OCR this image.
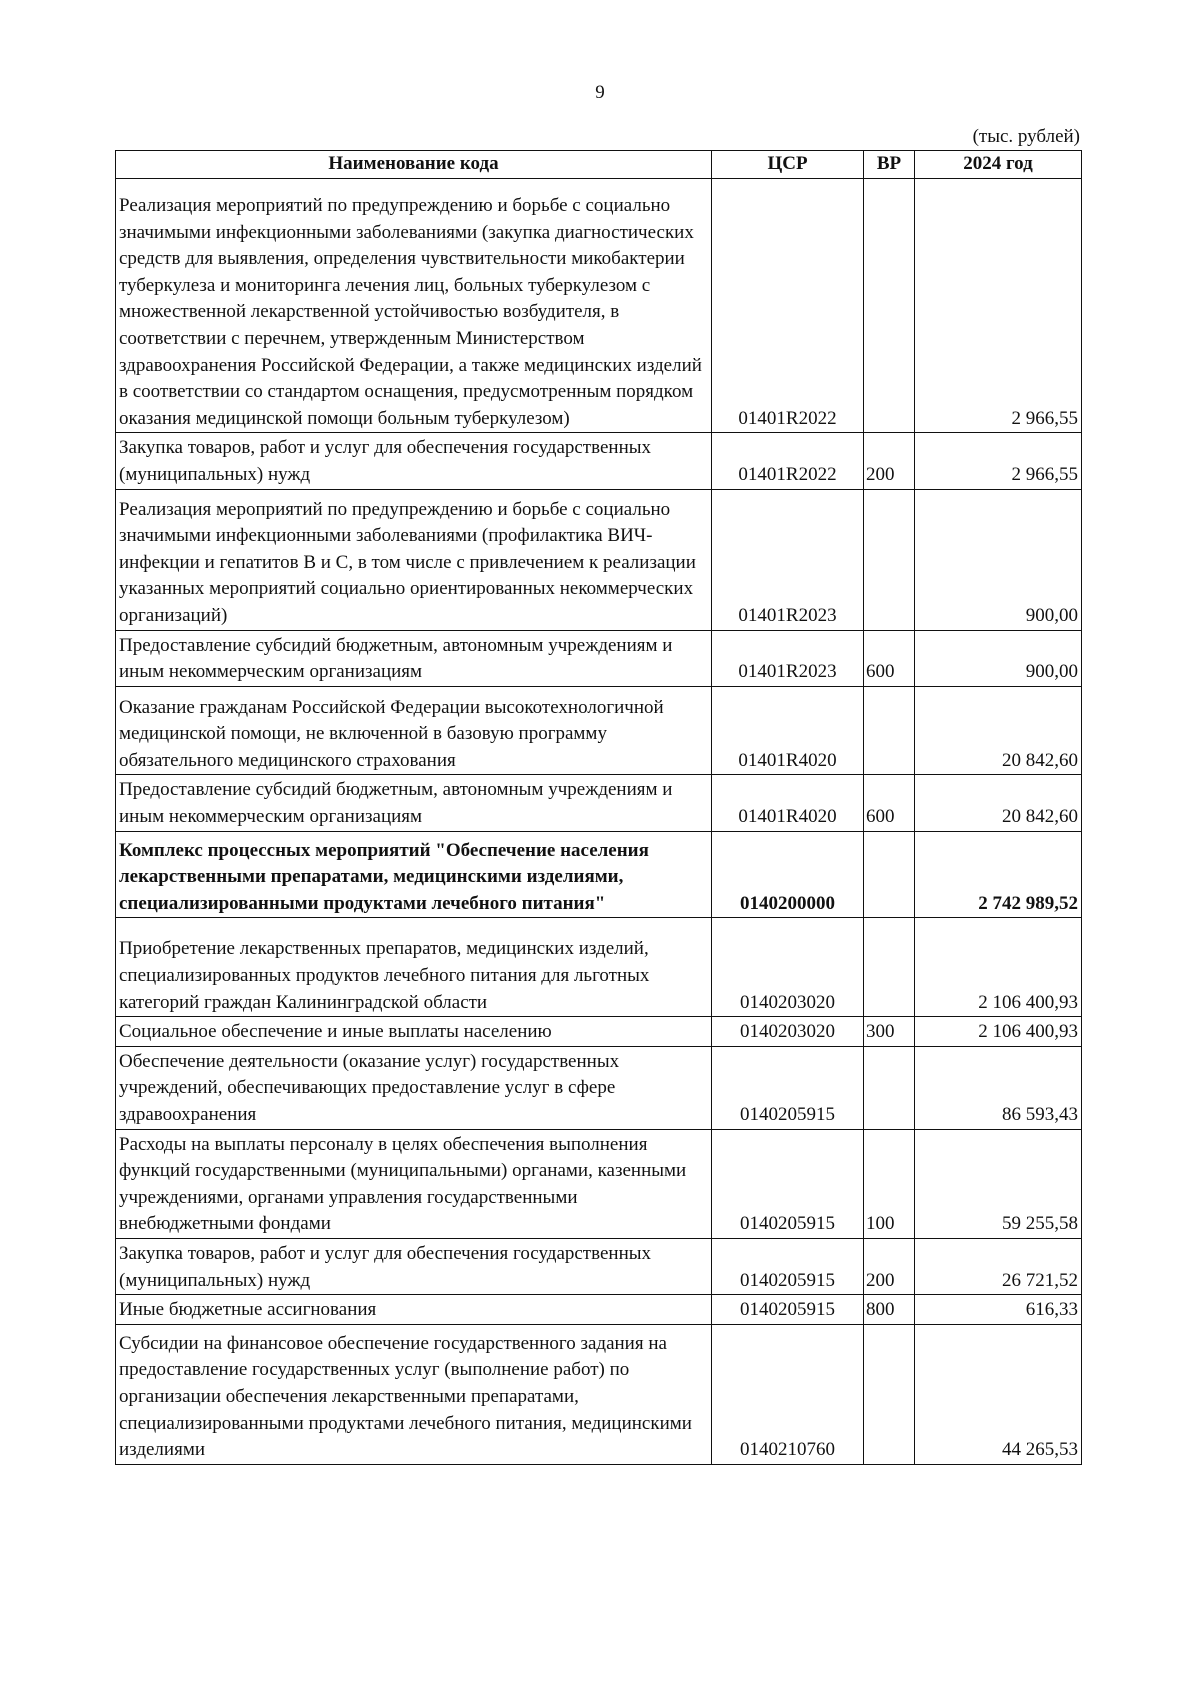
9
(тыс. рублей)
Наименование кода	ЦСР	ВР	2024 год
Реализация мероприятий по предупреждению и борьбе с социально значимыми инфекционными заболеваниями (закупка диагностических средств для выявления, определения чувствительности микобактерии туберкулеза и мониторинга лечения лиц, больных туберкулезом с множественной лекарственной устойчивостью возбудителя, в соответствии с перечнем, утвержденным Министерством здравоохранения Российской Федерации, а также медицинских изделий в соответствии со стандартом оснащения, предусмотренным порядком оказания медицинской помощи больным туберкулезом)	01401R2022		2 966,55
Закупка товаров, работ и услуг для обеспечения государственных (муниципальных) нужд	01401R2022	200	2 966,55
Реализация мероприятий по предупреждению и борьбе с социально значимыми инфекционными заболеваниями (профилактика ВИЧ-инфекции и гепатитов В и С, в том числе с привлечением к реализации указанных мероприятий социально ориентированных некоммерческих организаций)	01401R2023		900,00
Предоставление субсидий бюджетным, автономным учреждениям и иным некоммерческим организациям	01401R2023	600	900,00
Оказание гражданам Российской Федерации высокотехнологичной медицинской помощи, не включенной в базовую программу обязательного медицинского страхования	01401R4020		20 842,60
Предоставление субсидий бюджетным, автономным учреждениям и иным некоммерческим организациям	01401R4020	600	20 842,60
Комплекс процессных мероприятий "Обеспечение населения лекарственными препаратами, медицинскими изделиями, специализированными продуктами лечебного питания"	0140200000		2 742 989,52
Приобретение лекарственных препаратов, медицинских изделий, специализированных продуктов лечебного питания для льготных категорий граждан Калининградской области	0140203020		2 106 400,93
Социальное обеспечение и иные выплаты населению	0140203020	300	2 106 400,93
Обеспечение деятельности (оказание услуг) государственных учреждений, обеспечивающих предоставление услуг в сфере здравоохранения	0140205915		86 593,43
Расходы на выплаты персоналу в целях обеспечения выполнения функций государственными (муниципальными) органами, казенными учреждениями, органами управления государственными внебюджетными фондами	0140205915	100	59 255,58
Закупка товаров, работ и услуг для обеспечения государственных (муниципальных) нужд	0140205915	200	26 721,52
Иные бюджетные ассигнования	0140205915	800	616,33
Субсидии на финансовое обеспечение государственного задания на предоставление государственных услуг (выполнение работ) по организации обеспечения лекарственными препаратами, специализированными продуктами лечебного питания, медицинскими изделиями	0140210760		44 265,53
